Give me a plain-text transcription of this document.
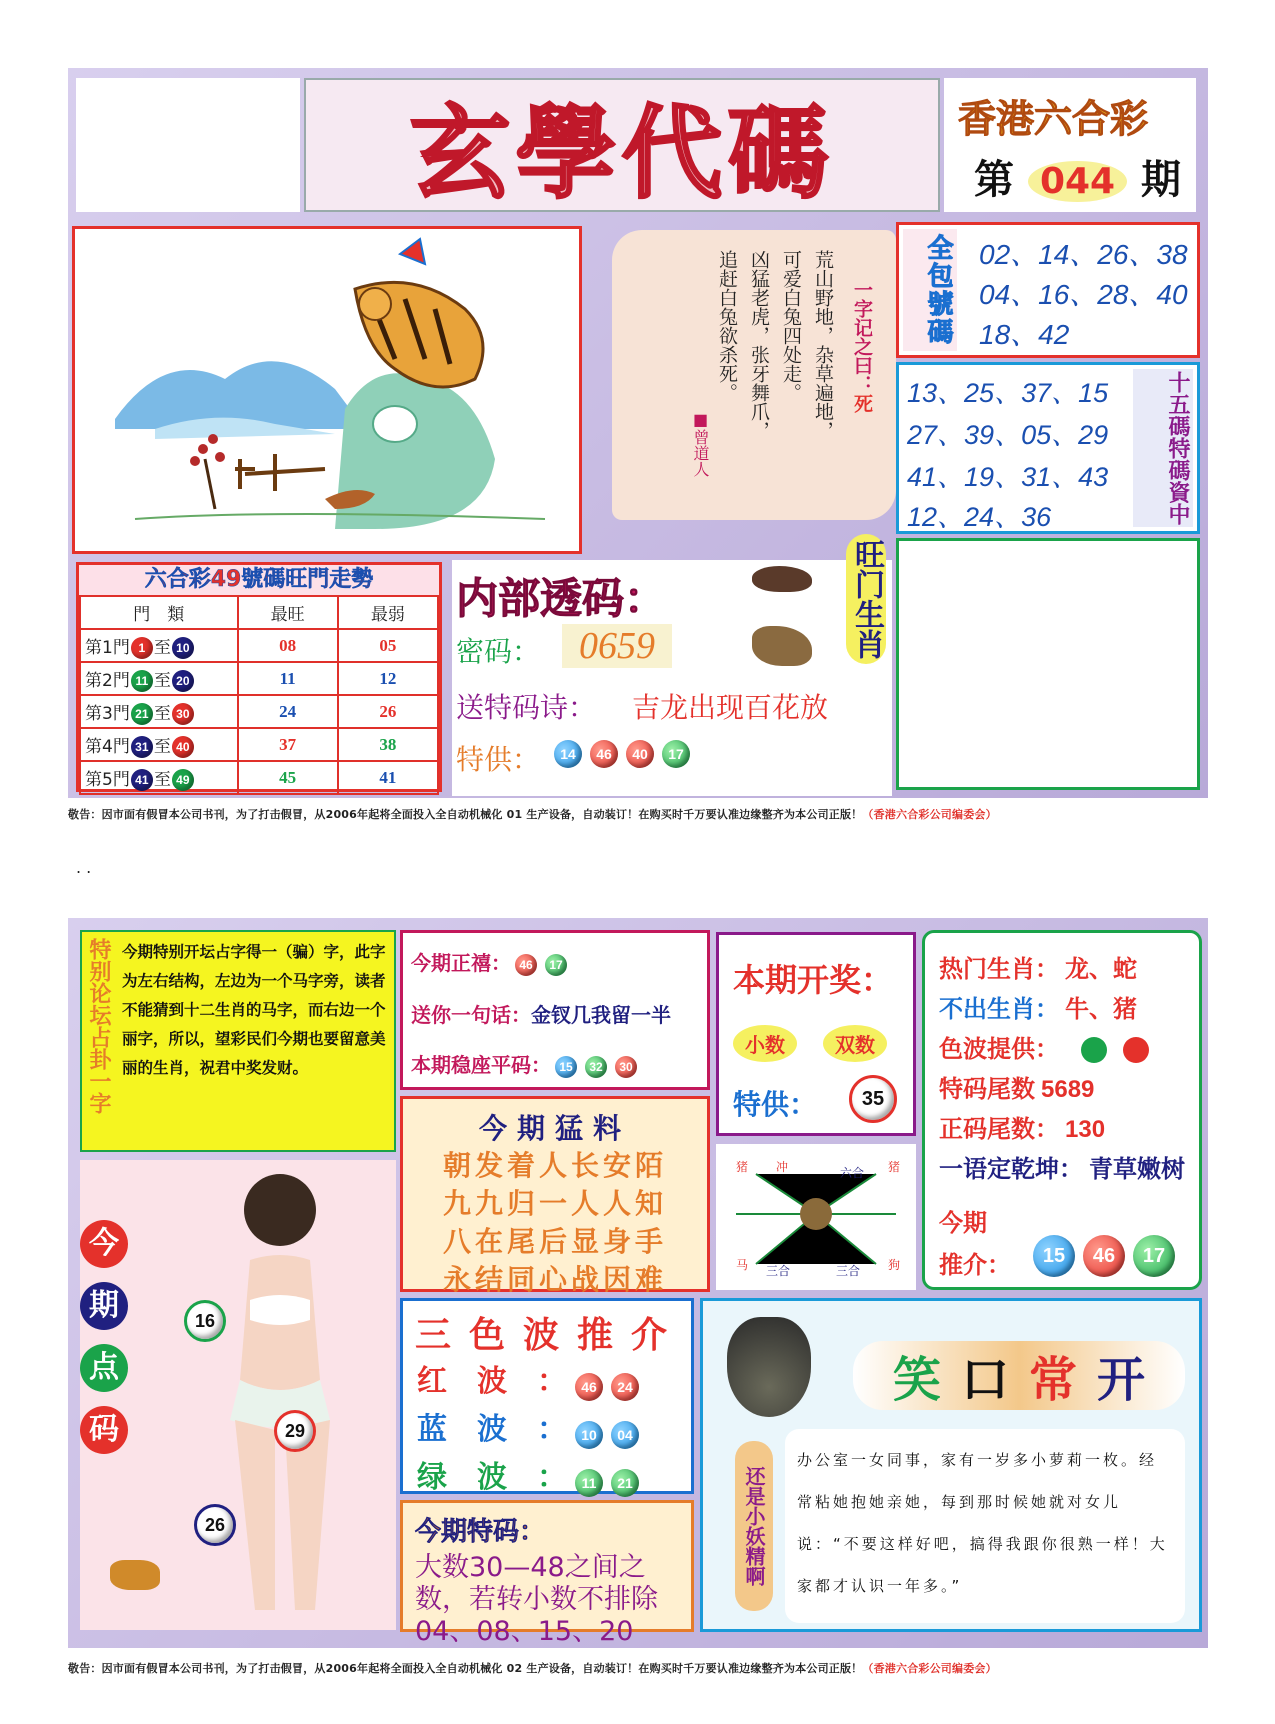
玄學代碼	香港六合彩
第 044 期
一字记之曰：死
荒山野地，杂草遍地，
可爱白兔四处走。
凶猛老虎，张牙舞爪，
追赶白兔欲杀死。
■曾道人
全包號碼 02、14、26、38
04、16、28、40
18、42
13、25、37、15
27、39、05、29
41、19、31、43
12、24、36	十五碼特碼資中
六合彩49號碼旺門走勢
門　類	最旺	最弱
第1門 1 至 10	08	05
第2門 11 至 20	11	12
第3門 21 至 30	24	26
第4門 31 至 40	37	38
第5門 41 至 49	45	41
内部透码：
密码：	0659
送特码诗： 吉龙出现百花放
特供：	14 46 40 17
旺门生肖
敬告：因市面有假冒本公司书刊，为了打击假冒，从2006年起将全面投入全自动机械化 01 生产设备，自动装订！在购买时千万要认准边缘整齐为本公司正版！（香港六合彩公司编委会）
. .
特别论坛占卦一字 今期特别开坛占字得一（骗）字，此字为左右结构，左边为一个马字旁，读者不能猜到十二生肖的马字，而右边一个丽字，所以，望彩民们今期也要留意美丽的生肖，祝君中奖发财。
今期正禧： 46 17
送你一句话：金钗几我留一半
本期稳座平码： 15 32 30
本期开奖：
小数	双数
特供：	35
热门生肖： 龙、蛇
不出生肖： 牛、猪
色波提供：
特码尾数 5689
正码尾数： 130
一语定乾坤： 青草嫩树
今期
推介：	15 46 17
今期猛料
朝发着人长安陌
九九归一人人知
八在尾后显身手
永结同心战因难
猪 冲	六合 猪
马 三合	三合 狗
今
期
点
码
16
29
26
三色波推介
红　波　： 46 24
蓝　波　： 10 04
绿　波　： 11 21
今期特码：
大数30—48之间之数，若转小数不排除04、08、15、20
笑 口 常 开
还是小妖精啊
办公室一女同事，家有一岁多小萝莉一枚。经常粘她抱她亲她，每到那时候她就对女儿说：“不要这样好吧，搞得我跟你很熟一样！大家都才认识一年多。”
敬告：因市面有假冒本公司书刊，为了打击假冒，从2006年起将全面投入全自动机械化 02 生产设备，自动装订！在购买时千万要认准边缘整齐为本公司正版！（香港六合彩公司编委会）
